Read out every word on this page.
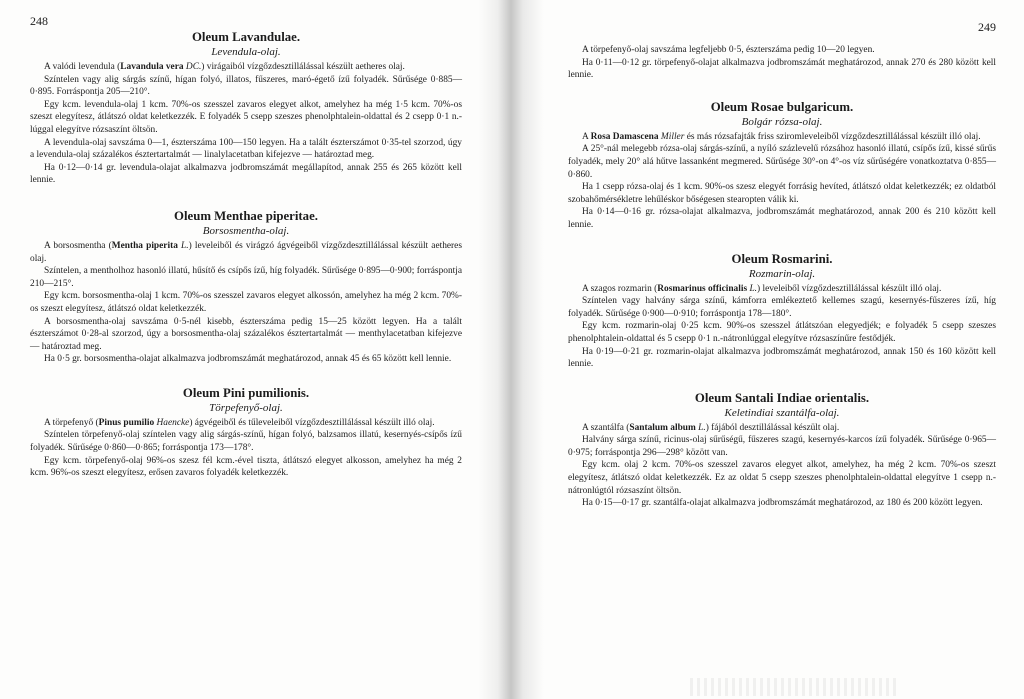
248
Oleum Lavandulae.
Levendula-olaj.

A valódi levendula (Lavandula vera DC.) virágaiból vízgőzdesztillálással készült aetheres olaj.

Színtelen vagy alig sárgás színű, hígan folyó, illatos, fűszeres, maró-égető ízű folyadék. Sűrűsége 0·885—0·895. Forráspontja 205—210°.

Egy kcm. levendula-olaj 1 kcm. 70%-os szesszel zavaros elegyet alkot, amelyhez ha még 1·5 kcm. 70%-os szeszt elegyítesz, átlátszó oldat keletkezzék. E folyadék 5 csepp szeszes phenolphtalein-oldattal és 2 csepp 0·1 n.-lúggal elegyítve rózsaszínt öltsön.

A levendula-olaj savszáma 0—1, észterszáma 100—150 legyen. Ha a talált észterszámot 0·35-tel szorzod, úgy a levendula-olaj százalékos észtertartalmát — linalylacetatban kifejezve — határoztad meg.

Ha 0·12—0·14 gr. levendula-olajat alkalmazva jodbromszámát megállapítod, annak 255 és 265 között kell lennie.

Oleum Menthae piperitae.
Borsosmentha-olaj.

A borsosmentha (Mentha piperita L.) leveleiből és virágzó ágvégeiből vízgőzdesztillálással készült aetheres olaj.

Színtelen, a mentholhoz hasonló illatú, hűsítő és csípős ízű, híg folyadék. Sűrűsége 0·895—0·900; forráspontja 210—215°.

Egy kcm. borsosmentha-olaj 1 kcm. 70%-os szesszel zavaros elegyet alkossón, amelyhez ha még 2 kcm. 70%-os szeszt elegyítesz, átlátszó oldat keletkezzék.

A borsosmentha-olaj savszáma 0·5-nél kisebb, észterszáma pedig 15—25 között legyen. Ha a talált észterszámot 0·28-al szorzod, úgy a borsosmentha-olaj százalékos észtertartalmát — menthylacetatban kifejezve — határoztad meg.

Ha 0·5 gr. borsosmentha-olajat alkalmazva jodbromszámát meghatározod, annak 45 és 65 között kell lennie.

Oleum Pini pumilionis.
Törpefenyő-olaj.

A törpefenyő (Pinus pumilio Haencke) ágvégeiből és tűleveleiből vízgőzdesztillálással készült illó olaj.

Színtelen törpefenyő-olaj színtelen vagy alig sárgás-színű, hígan folyó, balzsamos illatú, kesernyés-csípős ízű folyadék. Sűrűsége 0·860—0·865; forráspontja 173—178°.

Egy kcm. törpefenyő-olaj 96%-os szesz fél kcm.-ével tiszta, átlátszó elegyet alkosson, amelyhez ha még 2 kcm. 96%-os szeszt elegyítesz, erősen zavaros folyadék keletkezzék.

249

A törpefenyő-olaj savszáma legfeljebb 0·5, észterszáma pedig 10—20 legyen.

Ha 0·11—0·12 gr. törpefenyő-olajat alkalmazva jodbromszámát meghatározod, annak 270 és 280 között kell lennie.

Oleum Rosae bulgaricum.
Bolgár rózsa-olaj.

A Rosa Damascena Miller és más rózsafajták friss sziromleveleiből vízgőzdesztillálással készült illó olaj.

A 25°-nál melegebb rózsa-olaj sárgás-színű, a nyíló százlevelű rózsához hasonló illatú, csípős ízű, kissé sűrűs folyadék, mely 20° alá hűtve lassanként megmered. Sűrűsége 30°-on 4°-os víz sűrűségére vonatkoztatva 0·855—0·860.

Ha 1 csepp rózsa-olaj és 1 kcm. 90%-os szesz elegyét forrásig hevíted, átlátszó oldat keletkezzék; ez oldatból szobahőmérsékletre lehűléskor bőségesen stearopten válik ki.

Ha 0·14—0·16 gr. rózsa-olajat alkalmazva, jodbromszámát meghatározod, annak 200 és 210 között kell lennie.

Oleum Rosmarini.
Rozmarin-olaj.

A szagos rozmarin (Rosmarinus officinalis L.) leveleiből vízgőzdesztillálással készült illó olaj.

Színtelen vagy halvány sárga színű, kámforra emlékeztető kellemes szagú, kesernyés-fűszeres ízű, híg folyadék. Sűrűsége 0·900—0·910; forráspontja 178—180°.

Egy kcm. rozmarin-olaj 0·25 kcm. 90%-os szesszel átlátszóan elegyedjék; e folyadék 5 csepp szeszes phenolphtalein-oldattal és 5 csepp 0·1 n.-nátronlúggal elegyítve rózsaszínűre festődjék.

Ha 0·19—0·21 gr. rozmarin-olajat alkalmazva jodbromszámát meghatározod, annak 150 és 160 között kell lennie.

Oleum Santali Indiae orientalis.
Keletindiai szantálfa-olaj.

A szantálfa (Santalum album L.) fájából desztillálással készült olaj.

Halvány sárga színű, ricinus-olaj sűrűségű, fűszeres szagú, kesernyés-karcos ízű folyadék. Sűrűsége 0·965—0·975; forráspontja 296—298° között van.

Egy kcm. olaj 2 kcm. 70%-os szesszel zavaros elegyet alkot, amelyhez, ha még 2 kcm. 70%-os szeszt elegyítesz, átlátszó oldat keletkezzék. Ez az oldat 5 csepp szeszes phenolphtalein-oldattal elegyítve 1 csepp n.-nátronlúgtól rózsaszínt öltsön.

Ha 0·15—0·17 gr. szantálfa-olajat alkalmazva jodbromszámát meghatározod, az 180 és 200 között legyen.
